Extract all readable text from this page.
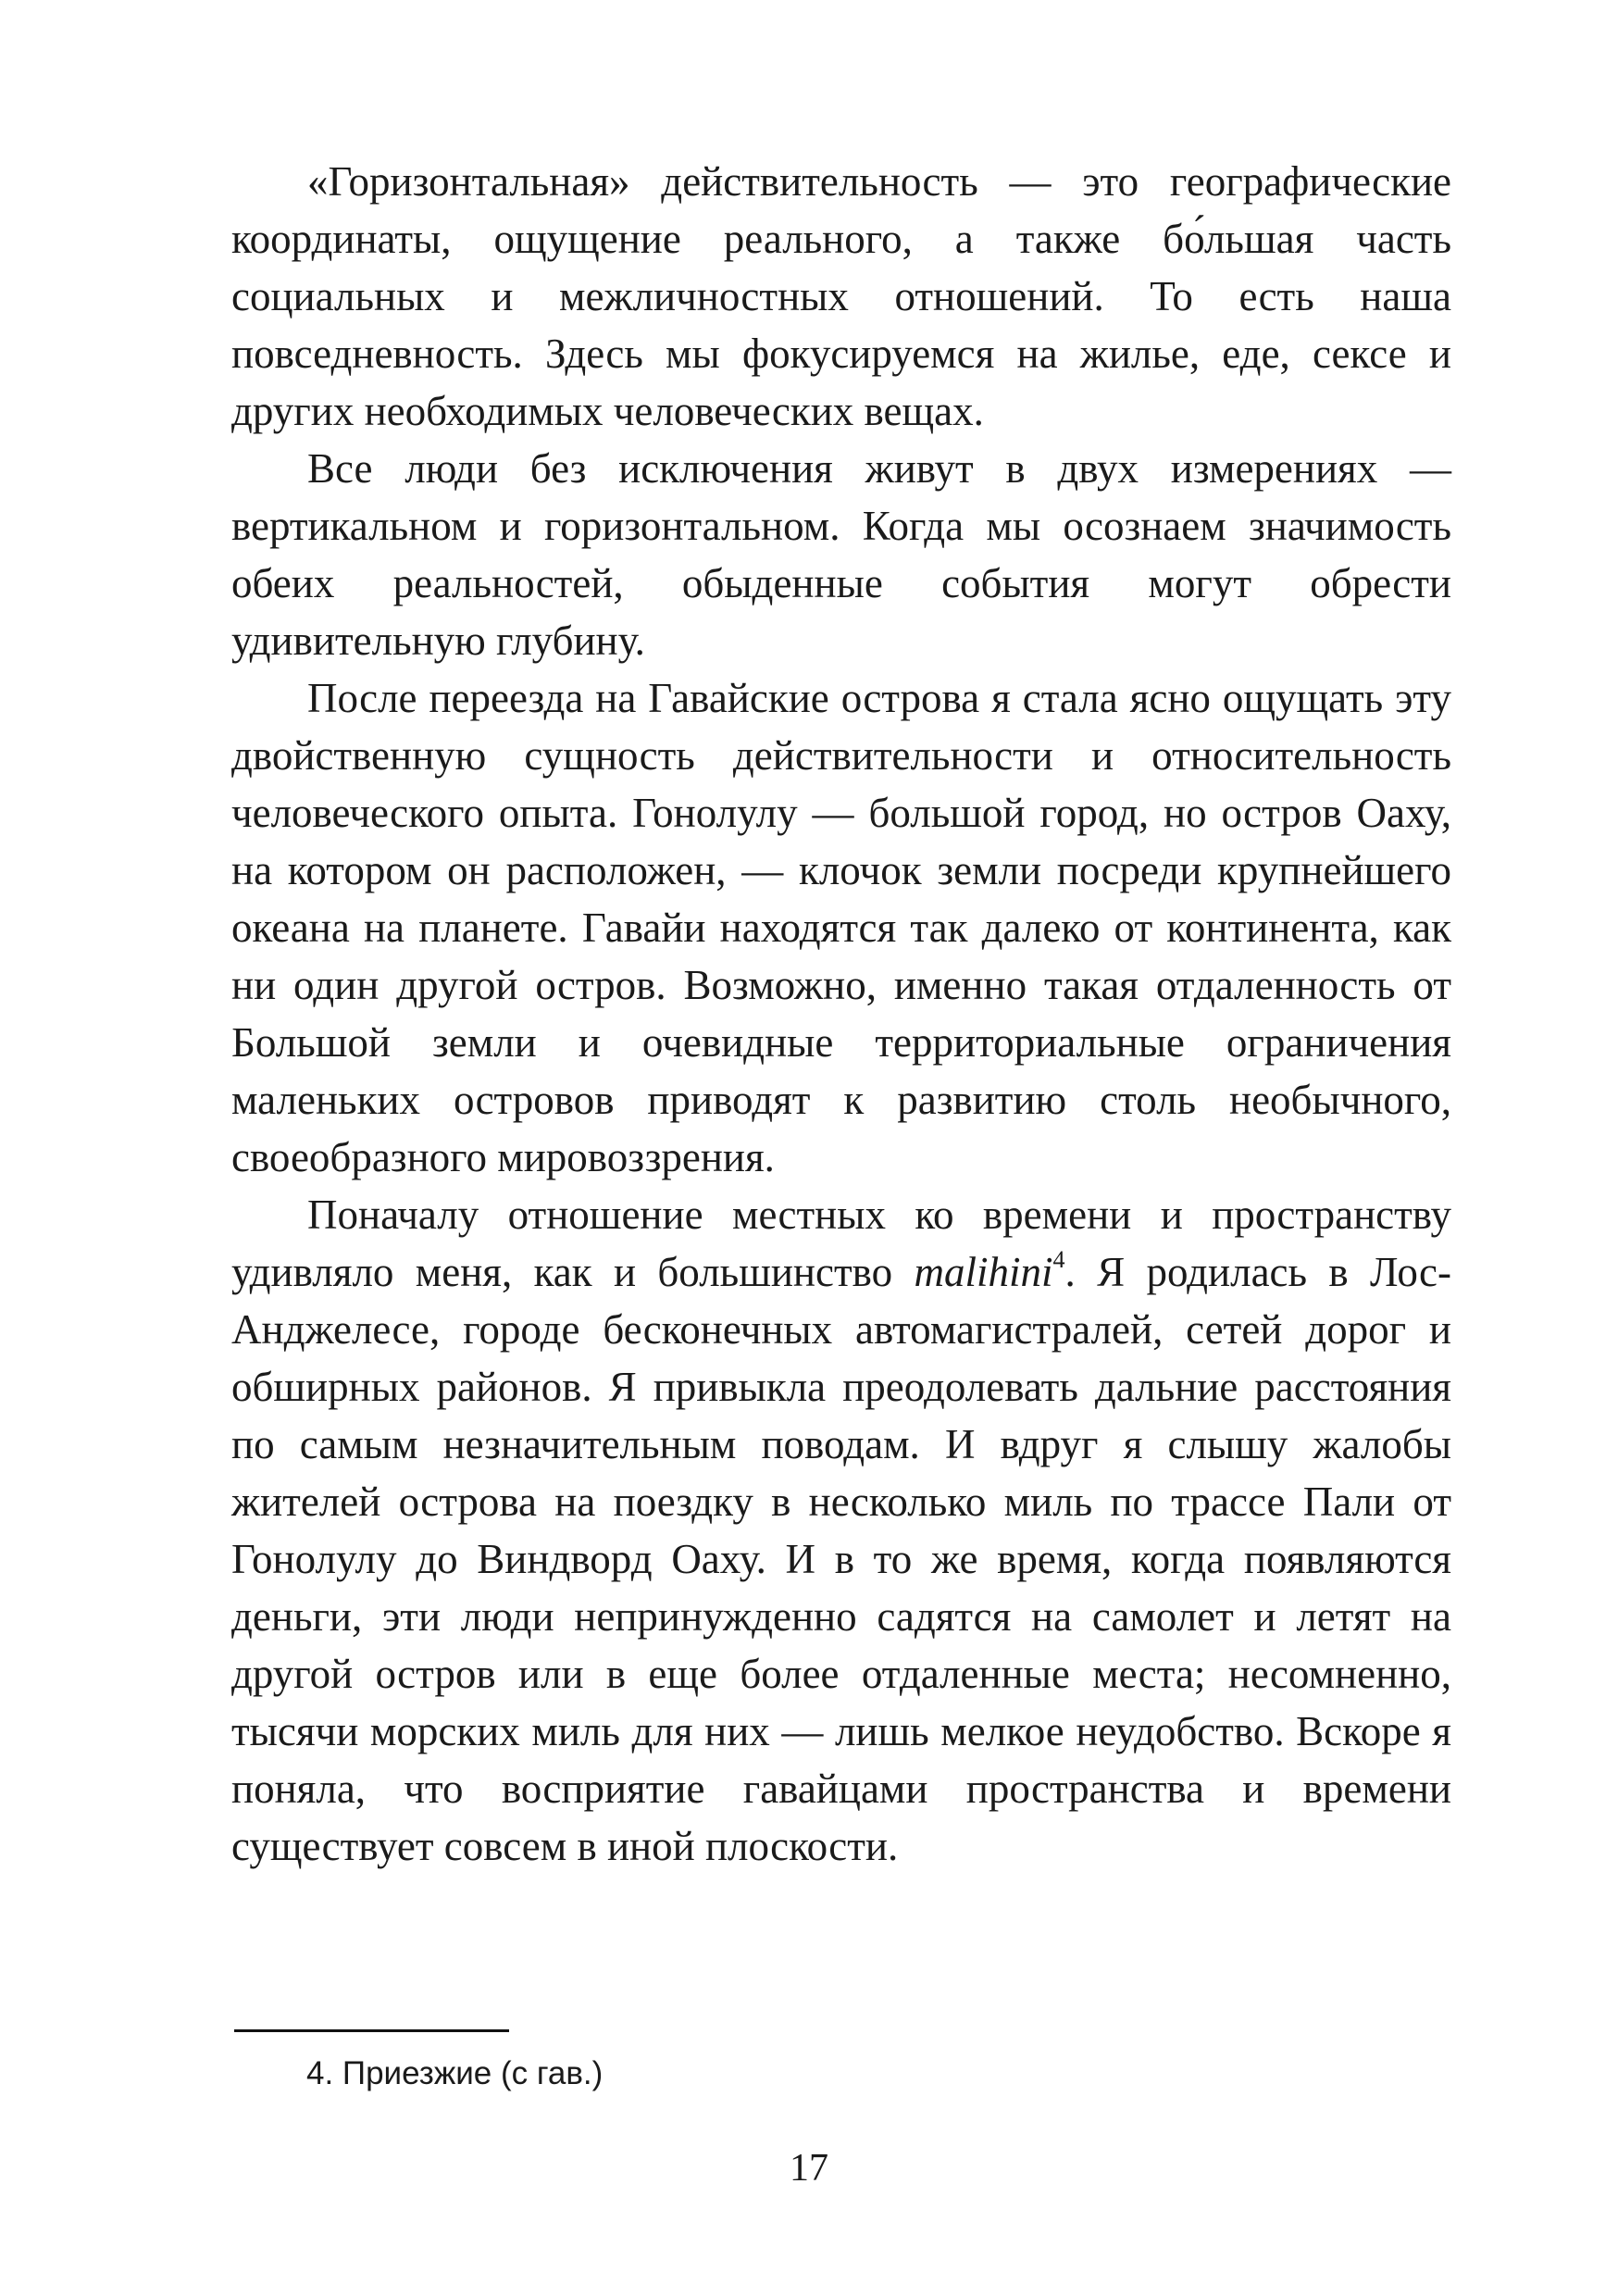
«Горизонтальная» действительность — это географические координаты, ощущение реального, а также бо́льшая часть социальных и межличностных отношений. То есть наша повседневность. Здесь мы фокусируемся на жилье, еде, сексе и других необходимых человеческих вещах.

Все люди без исключения живут в двух измерениях — вертикальном и горизонтальном. Когда мы осознаем значимость обеих реальностей, обыденные события могут обрести удивительную глубину.

После переезда на Гавайские острова я стала ясно ощущать эту двойственную сущность действительности и относительность человеческого опыта. Гонолулу — большой город, но остров Оаху, на котором он расположен, — клочок земли посреди крупнейшего океана на планете. Гавайи находятся так далеко от континента, как ни один другой остров. Возможно, именно такая отдаленность от Большой земли и очевидные территориальные ограничения маленьких островов приводят к развитию столь необычного, своеобразного мировоззрения.

Поначалу отношение местных ко времени и пространству удивляло меня, как и большинство malihini$^4$. Я родилась в Лос-Анджелесе, городе бесконечных автомагистралей, сетей дорог и обширных районов. Я привыкла преодолевать дальние расстояния по самым незначительным поводам. И вдруг я слышу жалобы жителей острова на поездку в несколько миль по трассе Пали от Гонолулу до Виндворд Оаху. И в то же время, когда появляются деньги, эти люди непринужденно садятся на самолет и летят на другой остров или в еще более отдаленные места; несомненно, тысячи морских миль для них — лишь мелкое неудобство. Вскоре я поняла, что восприятие гавайцами пространства и времени существует совсем в иной плоскости.

4. Приезжие (с гав.)
17
